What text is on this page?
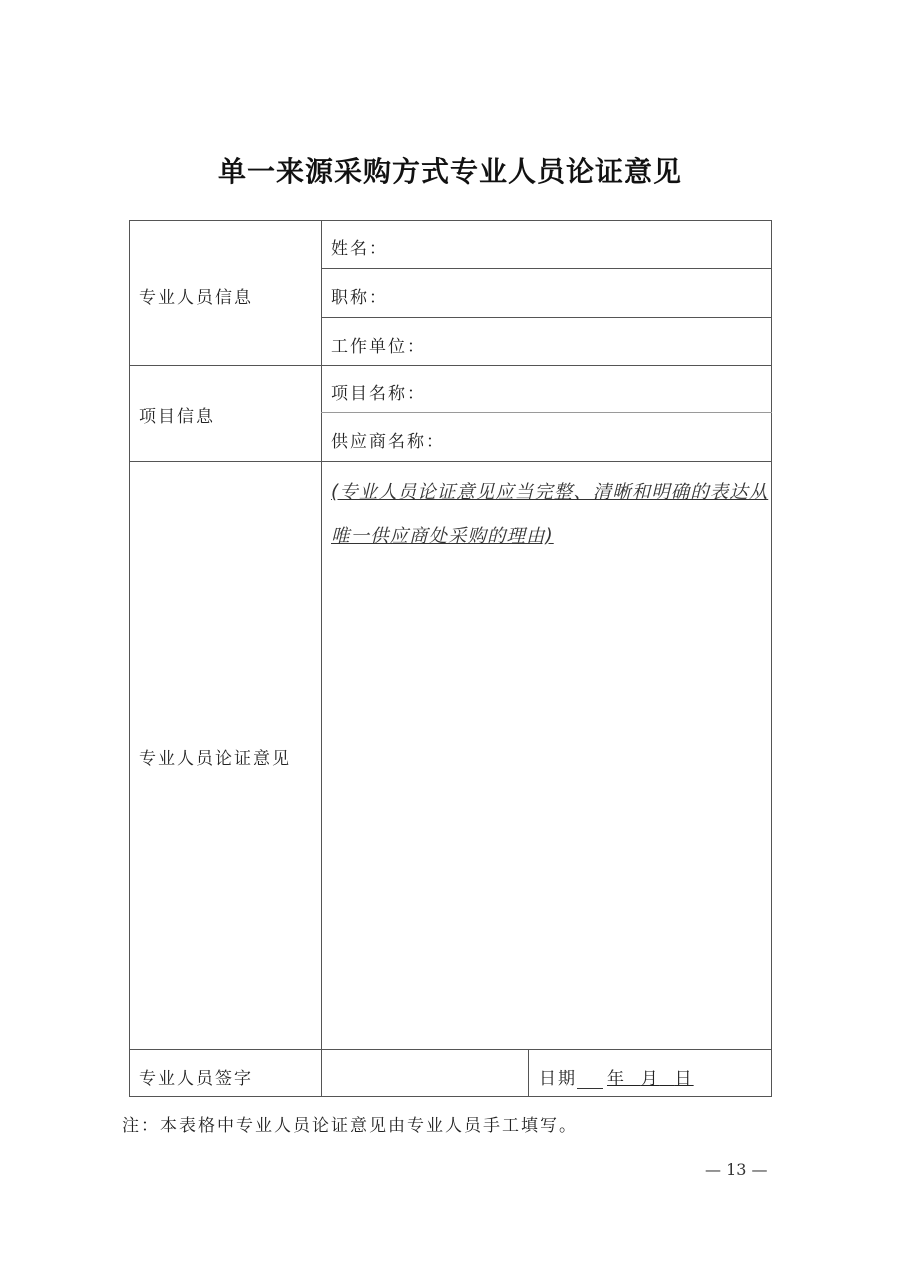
单一来源采购方式专业人员论证意见
专业人员信息
姓名：
职称：
工作单位：
项目信息
项目名称：
供应商名称：
专业人员论证意见
(专业人员论证意见应当完整、清晰和明确的表达从唯一供应商处采购的理由)
专业人员签字	日期 年 月 日
注：本表格中专业人员论证意见由专业人员手工填写。
— 13 —
